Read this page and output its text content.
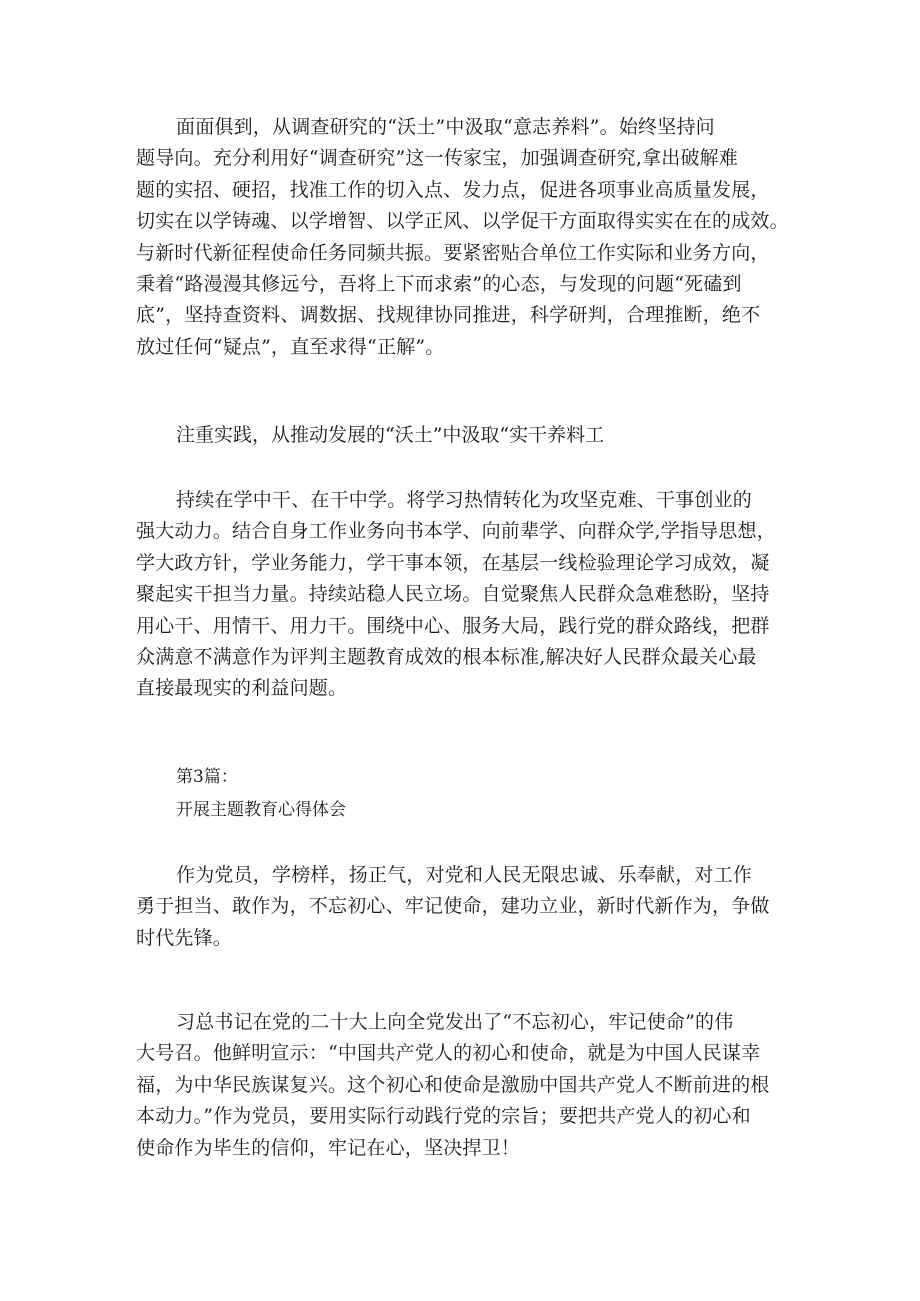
面面俱到，从调查研究的“沃土”中汲取“意志养料”。始终坚持问
题导向。充分利用好“调查研究”这一传家宝，加强调查研究,拿出破解难
题的实招、硬招，找准工作的切入点、发力点，促进各项事业高质量发展，
切实在以学铸魂、以学增智、以学正风、以学促干方面取得实实在在的成效。
与新时代新征程使命任务同频共振。要紧密贴合单位工作实际和业务方向，
秉着“路漫漫其修远兮，吾将上下而求索”的心态，与发现的问题“死磕到
底”，坚持查资料、调数据、找规律协同推进，科学研判，合理推断，绝不
放过任何“疑点”，直至求得“正解”。

注重实践，从推动发展的“沃土”中汲取“实干养料工

持续在学中干、在干中学。将学习热情转化为攻坚克难、干事创业的
强大动力。结合自身工作业务向书本学、向前辈学、向群众学,学指导思想，
学大政方针，学业务能力，学干事本领，在基层一线检验理论学习成效，凝
聚起实干担当力量。持续站稳人民立场。自觉聚焦人民群众急难愁盼，坚持
用心干、用情干、用力干。围绕中心、服务大局，践行党的群众路线，把群
众满意不满意作为评判主题教育成效的根本标准,解决好人民群众最关心最
直接最现实的利益问题。

第3篇：

开展主题教育心得体会

作为党员，学榜样，扬正气，对党和人民无限忠诚、乐奉献，对工作
勇于担当、敢作为，不忘初心、牢记使命，建功立业，新时代新作为，争做
时代先锋。
习总书记在党的二十大上向全党发出了“不忘初心，牢记使命”的伟
大号召。他鲜明宣示：“中国共产党人的初心和使命，就是为中国人民谋幸
福，为中华民族谋复兴。这个初心和使命是激励中国共产党人不断前进的根
本动力。”作为党员，要用实际行动践行党的宗旨；要把共产党人的初心和
使命作为毕生的信仰，牢记在心，坚决捍卫！
